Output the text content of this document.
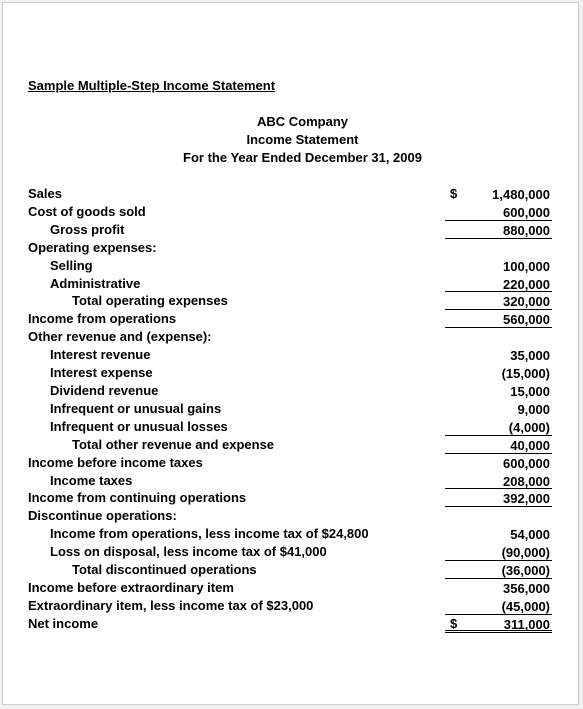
Sample Multiple-Step Income Statement
ABC Company
Income Statement
For the Year Ended December 31, 2009
Sales	$	1,480,000
Cost of goods sold	600,000
Gross profit	880,000
Operating expenses:
Selling	100,000
Administrative	220,000
Total operating expenses	320,000
Income from operations	560,000
Other revenue and (expense):
Interest revenue	35,000
Interest expense	(15,000)
Dividend revenue	15,000
Infrequent or unusual gains	9,000
Infrequent or unusual losses	(4,000)
Total other revenue and expense	40,000
Income before income taxes	600,000
Income taxes	208,000
Income from continuing operations	392,000
Discontinue operations:
Income from operations, less income tax of $24,800	54,000
Loss on disposal, less income tax of $41,000	(90,000)
Total discontinued operations	(36,000)
Income before extraordinary item	356,000
Extraordinary item, less income tax of $23,000	(45,000)
Net income	$	311,000
